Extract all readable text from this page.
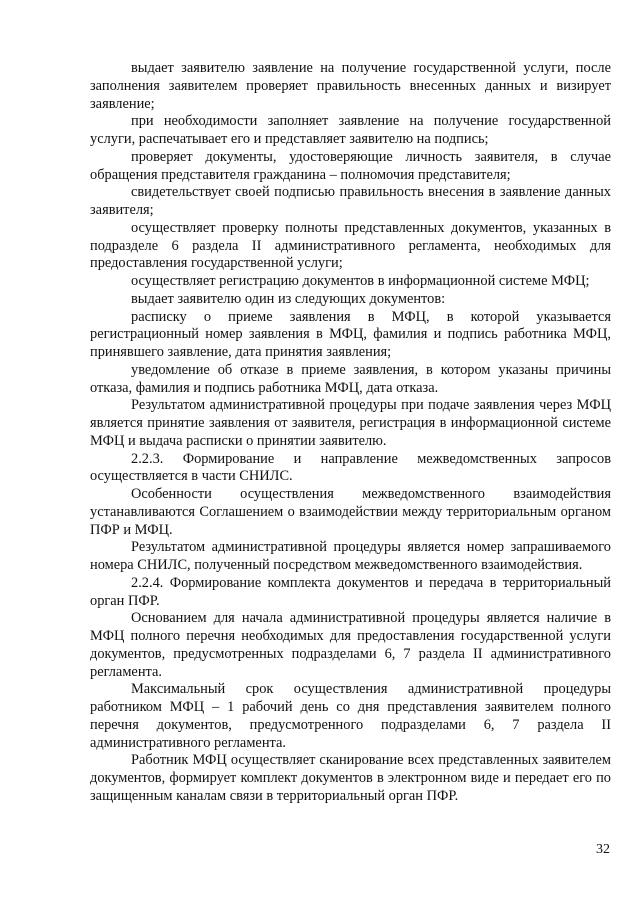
выдает заявителю заявление на получение государственной услуги, после заполнения заявителем проверяет правильность внесенных данных и визирует заявление;

при необходимости заполняет заявление на получение государственной услуги, распечатывает его и представляет заявителю на подпись;

проверяет документы, удостоверяющие личность заявителя, в случае обращения представителя гражданина – полномочия представителя;

свидетельствует своей подписью правильность внесения в заявление данных заявителя;

осуществляет проверку полноты представленных документов, указанных в подразделе 6 раздела II административного регламента, необходимых для предоставления государственной услуги;

осуществляет регистрацию документов в информационной системе МФЦ;

выдает заявителю один из следующих документов:

расписку о приеме заявления в МФЦ, в которой указывается регистрационный номер заявления в МФЦ, фамилия и подпись работника МФЦ, принявшего заявление, дата принятия заявления;

уведомление об отказе в приеме заявления, в котором указаны причины отказа, фамилия и подпись работника МФЦ, дата отказа.

Результатом административной процедуры при подаче заявления через МФЦ является принятие заявления от заявителя, регистрация в информационной системе МФЦ и выдача расписки о принятии заявителю.

2.2.3. Формирование и направление межведомственных запросов осуществляется в части СНИЛС.

Особенности осуществления межведомственного взаимодействия устанавливаются Соглашением о взаимодействии между территориальным органом ПФР и МФЦ.

Результатом административной процедуры является номер запрашиваемого номера СНИЛС, полученный посредством межведомственного взаимодействия.

2.2.4. Формирование комплекта документов и передача в территориальный орган ПФР.

Основанием для начала административной процедуры является наличие в МФЦ полного перечня необходимых для предоставления государственной услуги документов, предусмотренных подразделами 6, 7 раздела II административного регламента.

Максимальный срок осуществления административной процедуры работником МФЦ – 1 рабочий день со дня представления заявителем полного перечня документов, предусмотренного подразделами 6, 7 раздела II административного регламента.

Работник МФЦ осуществляет сканирование всех представленных заявителем документов, формирует комплект документов в электронном виде и передает его по защищенным каналам связи в территориальный орган ПФР.

32
